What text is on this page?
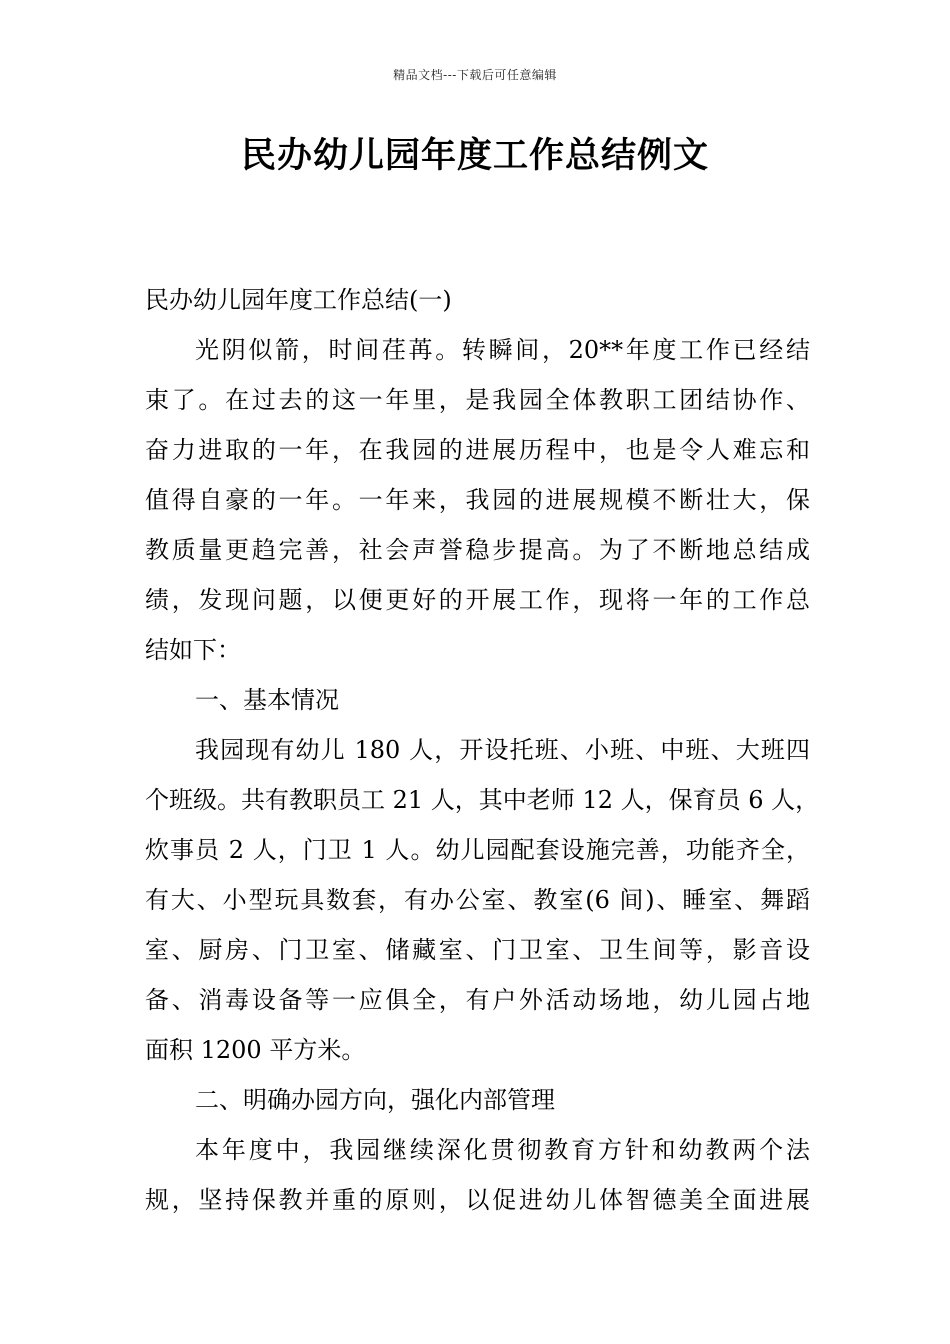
精品文档---下载后可任意编辑
民办幼儿园年度工作总结例文
民办幼儿园年度工作总结(一)
光阴似箭，时间荏苒。转瞬间，20**年度工作已经结
束了。在过去的这一年里，是我园全体教职工团结协作、
奋力进取的一年，在我园的进展历程中，也是令人难忘和
值得自豪的一年。一年来，我园的进展规模不断壮大，保
教质量更趋完善，社会声誉稳步提高。为了不断地总结成
绩，发现问题，以便更好的开展工作，现将一年的工作总
结如下：
一、基本情况
我园现有幼儿 180 人，开设托班、小班、中班、大班四
个班级。共有教职员工 21 人，其中老师 12 人，保育员 6 人，
炊事员 2 人，门卫 1 人。幼儿园配套设施完善，功能齐全，
有大、小型玩具数套，有办公室、教室(6 间)、睡室、舞蹈
室、厨房、门卫室、储藏室、门卫室、卫生间等，影音设
备、消毒设备等一应俱全，有户外活动场地，幼儿园占地
面积 1200 平方米。
二、明确办园方向，强化内部管理
本年度中，我园继续深化贯彻教育方针和幼教两个法
规，坚持保教并重的原则，以促进幼儿体智德美全面进展
